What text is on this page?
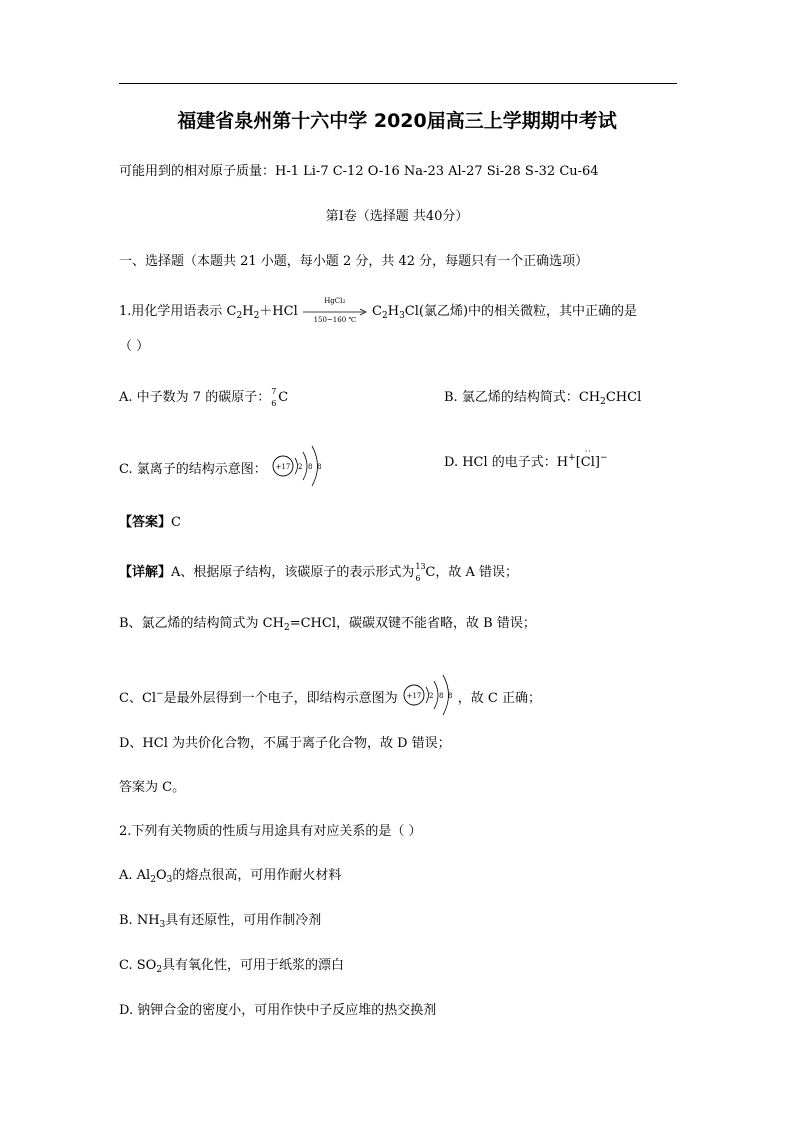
福建省泉州第十六中学 2020届高三上学期期中考试
可能用到的相对原子质量：H-1 Li-7 C-12 O-16 Na-23 Al-27 Si-28 S-32 Cu-64
第Ⅰ卷（选择题 共40分）
一、选择题（本题共 21 小题，每小题 2 分，共 42 分，每题只有一个正确选项）
1.用化学用语表示 $C_2H_2+HCl$
HgCl2
150~160 ℃
$C_2H_3Cl$(氯乙烯)中的相关微粒，其中正确的是
（ ）
A. 中子数为 7 的碳原子： 7
6 C	B. 氯乙烯的结构简式：$CH_2CHCl$
C. 氯离子的结构示意图： +17 2 8 8	D. HCl 的电子式：H+
··
[Cl]−
【答案】C
【详解】A、根据原子结构，该碳原子的表示形式为 13
6 C，故 A 错误；
B、氯乙烯的结构简式为 $CH_2=CHCl$，碳碳双键不能省略，故 B 错误；
C、Cl−是最外层得到一个电子，即结构示意图为 +17 2 8 8 ，故 C 正确；
D、HCl 为共价化合物，不属于离子化合物，故 D 错误；
答案为 C。
2.下列有关物质的性质与用途具有对应关系的是（ ）
A. $Al_2O_3$的熔点很高，可用作耐火材料
B. $NH_3$具有还原性，可用作制冷剂
C. $SO_2$具有氧化性，可用于纸浆的漂白
D. 钠钾合金的密度小，可用作快中子反应堆的热交换剂
